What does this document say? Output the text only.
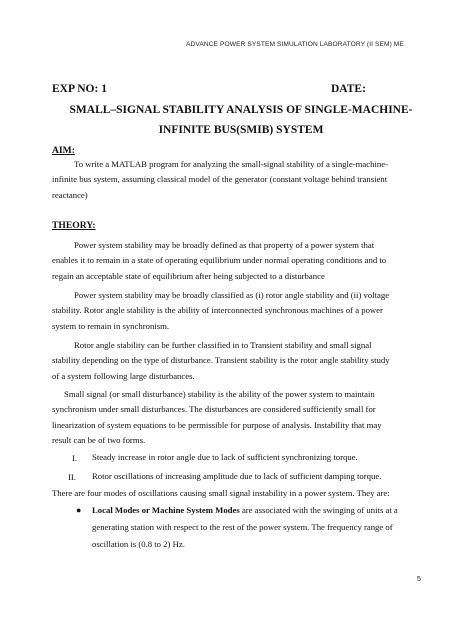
ADVANCE POWER SYSTEM SIMULATION LABORATORY (II SEM) ME
EXP NO: 1	DATE:
SMALL–SIGNAL STABILITY ANALYSIS OF SINGLE-MACHINE-
INFINITE BUS(SMIB) SYSTEM
AIM:
To write a MATLAB program for analyzing the small-signal stability of a single-machine-
infinite bus system, assuming classical model of the generator (constant voltage behind transient
reactance)
THEORY:
Power system stability may be broadly defined as that property of a power system that
enables it to remain in a state of operating equilibrium under normal operating conditions and to
regain an acceptable state of equilibrium after being subjected to a disturbance
Power system stability may be broadly classified as (i) rotor angle stability and (ii) voltage
stability. Rotor angle stability is the ability of interconnected synchronous machines of a power
system to remain in synchronism.
Rotor angle stability can be further classified in to Transient stability and small signal
stability depending on the type of disturbance. Transient stability is the rotor angle stability study
of a system following large disturbances.
Small signal (or small disturbance) stability is the ability of the power system to maintain
synchronism under small disturbances. The disturbances are considered sufficiently small for
linearization of system equations to be permissible for purpose of analysis. Instability that may
result can be of two forms.
I. Steady increase in rotor angle due to lack of sufficient synchronizing torque.
II. Rotor oscillations of increasing amplitude due to lack of sufficient damping torque.
There are four modes of oscillations causing small signal instability in a power system. They are:
● Local Modes or Machine System Modes are associated with the swinging of units at a
generating station with respect to the rest of the power system. The frequency range of
oscillation is (0.8 to 2) Hz.
5
